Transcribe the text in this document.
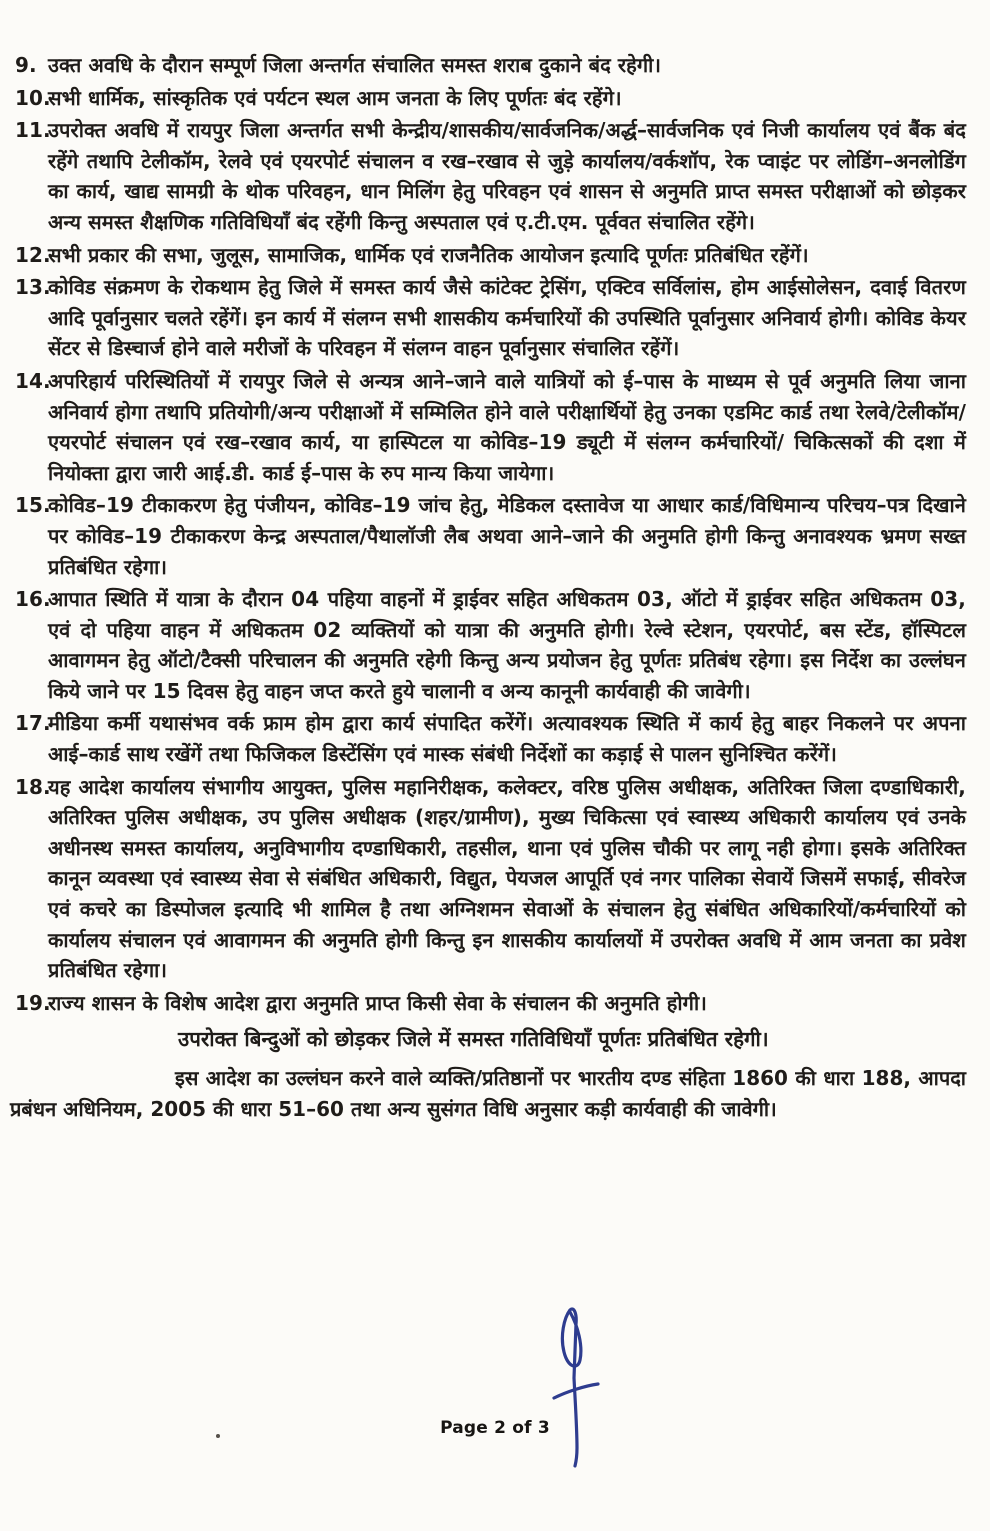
9. उक्त अवधि के दौरान सम्पूर्ण जिला अन्तर्गत संचालित समस्त शराब दुकाने बंद रहेगी।
10.
सभी धार्मिक, सांस्कृतिक एवं पर्यटन स्थल आम जनता के लिए पूर्णतः बंद रहेंगे।
11.
उपरोक्त अवधि में रायपुर जिला अन्तर्गत सभी केन्द्रीय/शासकीय/सार्वजनिक/अर्द्ध–सार्वजनिक एवं निजी कार्यालय एवं बैंक बंद रहेंगे तथापि टेलीकॉम, रेलवे एवं एयरपोर्ट संचालन व रख–रखाव से जुड़े कार्यालय/वर्कशॉप, रेक प्वाइंट पर लोडिंग–अनलोडिंग का कार्य, खाद्य सामग्री के थोक परिवहन, धान मिलिंग हेतु परिवहन एवं शासन से अनुमति प्राप्त समस्त परीक्षाओं को छोड़कर अन्य समस्त शैक्षणिक गतिविधियाँ बंद रहेंगी किन्तु अस्पताल एवं ए.टी.एम. पूर्ववत संचालित रहेंगे।
12.
सभी प्रकार की सभा, जुलूस, सामाजिक, धार्मिक एवं राजनैतिक आयोजन इत्यादि पूर्णतः प्रतिबंधित रहेंगें।
13.
कोविड संक्रमण के रोकथाम हेतु जिले में समस्त कार्य जैसे कांटेक्ट ट्रेसिंग, एक्टिव सर्विलांस, होम आईसोलेसन, दवाई वितरण आदि पूर्वानुसार चलते रहेंगें। इन कार्य में संलग्न सभी शासकीय कर्मचारियों की उपस्थिति पूर्वानुसार अनिवार्य होगी। कोविड केयर सेंटर से डिस्चार्ज होने वाले मरीजों के परिवहन में संलग्न वाहन पूर्वानुसार संचालित रहेंगें।
14.
अपरिहार्य परिस्थितियों में रायपुर जिले से अन्यत्र आने–जाने वाले यात्रियों को ई–पास के माध्यम से पूर्व अनुमति लिया जाना अनिवार्य होगा तथापि प्रतियोगी/अन्य परीक्षाओं में सम्मिलित होने वाले परीक्षार्थियों हेतु उनका एडमिट कार्ड तथा रेलवे/टेलीकॉम/एयरपोर्ट संचालन एवं रख–रखाव कार्य, या हास्पिटल या कोविड–19 ड्यूटी में संलग्न कर्मचारियों/ चिकित्सकों की दशा में नियोक्ता द्वारा जारी आई.डी. कार्ड ई–पास के रुप मान्य किया जायेगा।
15.
कोविड–19 टीकाकरण हेतु पंजीयन, कोविड–19 जांच हेतु, मेडिकल दस्तावेज या आधार कार्ड/विधिमान्य परिचय–पत्र दिखाने पर कोविड–19 टीकाकरण केन्द्र अस्पताल/पैथालॉजी लैब अथवा आने–जाने की अनुमति होगी किन्तु अनावश्यक भ्रमण सख्त प्रतिबंधित रहेगा।
16.
आपात स्थिति में यात्रा के दौरान 04 पहिया वाहनों में ड्राईवर सहित अधिकतम 03, ऑटो में ड्राईवर सहित अधिकतम 03, एवं दो पहिया वाहन में अधिकतम 02 व्यक्तियों को यात्रा की अनुमति होगी। रेल्वे स्टेशन, एयरपोर्ट, बस स्टेंड, हॉस्पिटल आवागमन हेतु ऑटो/टैक्सी परिचालन की अनुमति रहेगी किन्तु अन्य प्रयोजन हेतु पूर्णतः प्रतिबंध रहेगा। इस निर्देश का उल्लंघन किये जाने पर 15 दिवस हेतु वाहन जप्त करते हुये चालानी व अन्य कानूनी कार्यवाही की जावेगी।
17.
मीडिया कर्मी यथासंभव वर्क फ्राम होम द्वारा कार्य संपादित करेंगें। अत्यावश्यक स्थिति में कार्य हेतु बाहर निकलने पर अपना आई–कार्ड साथ रखेंगें तथा फिजिकल डिस्टेंसिंग एवं मास्क संबंधी निर्देशों का कड़ाई से पालन सुनिश्चित करेंगें।
18.
यह आदेश कार्यालय संभागीय आयुक्त, पुलिस महानिरीक्षक, कलेक्टर, वरिष्ठ पुलिस अधीक्षक, अतिरिक्त जिला दण्डाधिकारी, अतिरिक्त पुलिस अधीक्षक, उप पुलिस अधीक्षक (शहर/ग्रामीण), मुख्य चिकित्सा एवं स्वास्थ्य अधिकारी कार्यालय एवं उनके अधीनस्थ समस्त कार्यालय, अनुविभागीय दण्डाधिकारी, तहसील, थाना एवं पुलिस चौकी पर लागू नही होगा। इसके अतिरिक्त कानून व्यवस्था एवं स्वास्थ्य सेवा से संबंधित अधिकारी, विद्युत, पेयजल आपूर्ति एवं नगर पालिका सेवायें जिसमें सफाई, सीवरेज एवं कचरे का डिस्पोजल इत्यादि भी शामिल है तथा अग्निशमन सेवाओं के संचालन हेतु संबंधित अधिकारियों/कर्मचारियों को कार्यालय संचालन एवं आवागमन की अनुमति होगी किन्तु इन शासकीय कार्यालयों में उपरोक्त अवधि में आम जनता का प्रवेश प्रतिबंधित रहेगा।
19.
राज्य शासन के विशेष आदेश द्वारा अनुमति प्राप्त किसी सेवा के संचालन की अनुमति होगी।

उपरोक्त बिन्दुओं को छोड़कर जिले में समस्त गतिविधियाँ पूर्णतः प्रतिबंधित रहेगी।

इस आदेश का उल्लंघन करने वाले व्यक्ति/प्रतिष्ठानों पर भारतीय दण्ड संहिता 1860 की धारा 188, आपदा प्रबंधन अधिनियम, 2005 की धारा 51–60 तथा अन्य सुसंगत विधि अनुसार कड़ी कार्यवाही की जावेगी।

Page 2 of 3
